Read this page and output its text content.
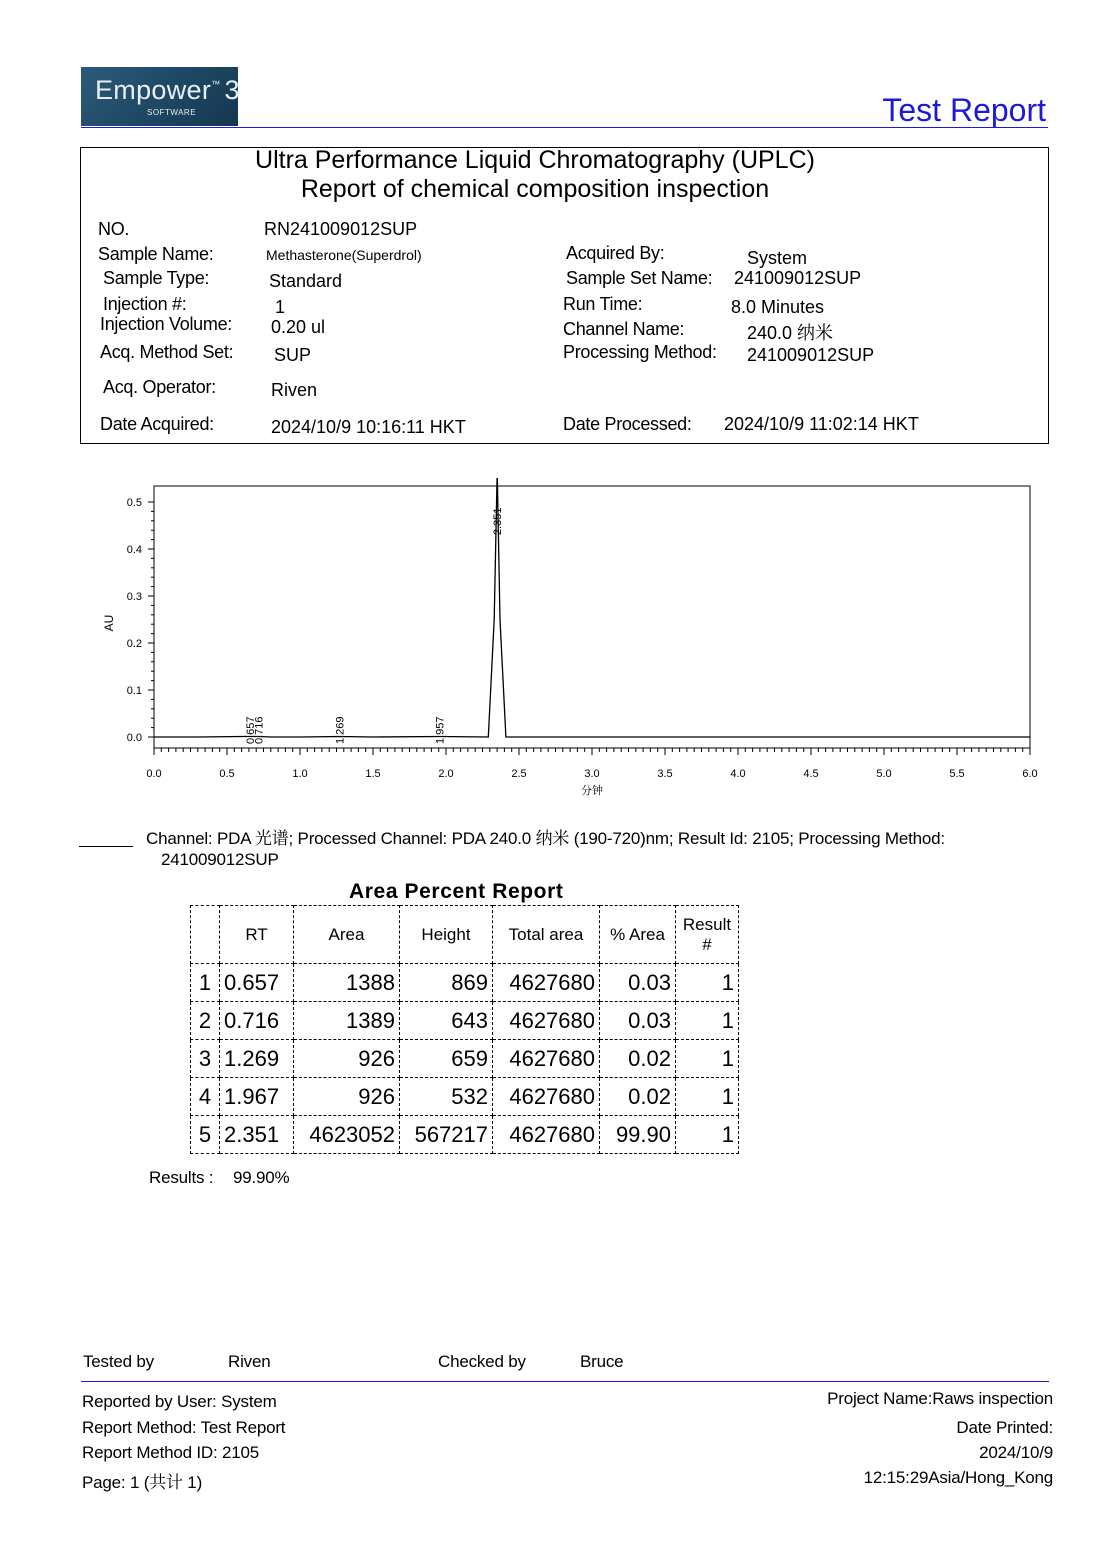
Empower™ 3
SOFTWARE	Test Report
Ultra Performance Liquid Chromatography (UPLC)
Report of chemical composition inspection
NO.	RN241009012SUP
Sample Name:	Methasterone(Superdrol)
Sample Type:	Standard
Injection #:	1
Injection Volume: 0.20 ul
Acq. Method Set: SUP
Acq. Operator:	Riven
Date Acquired:	2024/10/9 10:16:11 HKT
Acquired By:	System
Sample Set Name: 241009012SUP
Run Time:	8.0 Minutes
Channel Name:	240.0 纳米
Processing Method: 241009012SUP
Date Processed: 2024/10/9 11:02:14 HKT
0.0
0.1
0.2
0.3
0.4
0.5
0.0	0.5	1.0	1.5	2.0	2.5	3.0	3.5	4.0	4.5	5.0	5.5	6.0
0.657
0.716	1.269	1.957
2.351
AU
分钟
Channel: PDA 光谱; Processed Channel: PDA 240.0 纳米 (190-720)nm; Result Id: 2105; Processing Method:
241009012SUP
Area Percent Report
	RT	Area	Height	Total area	% Area	Result #
1	0.657	1388	869	4627680	0.03	1
2	0.716	1389	643	4627680	0.03	1
3	1.269	926	659	4627680	0.02	1
4	1.967	926	532	4627680	0.02	1
5	2.351	4623052	567217	4627680	99.90	1
Results : 99.90%
Tested by	Riven	Checked by	Bruce
Reported by User: System
Report Method: Test Report
Report Method ID: 2105
Page: 1 (共计 1)
Project Name:Raws inspection
Date Printed:
2024/10/9
12:15:29Asia/Hong_Kong
